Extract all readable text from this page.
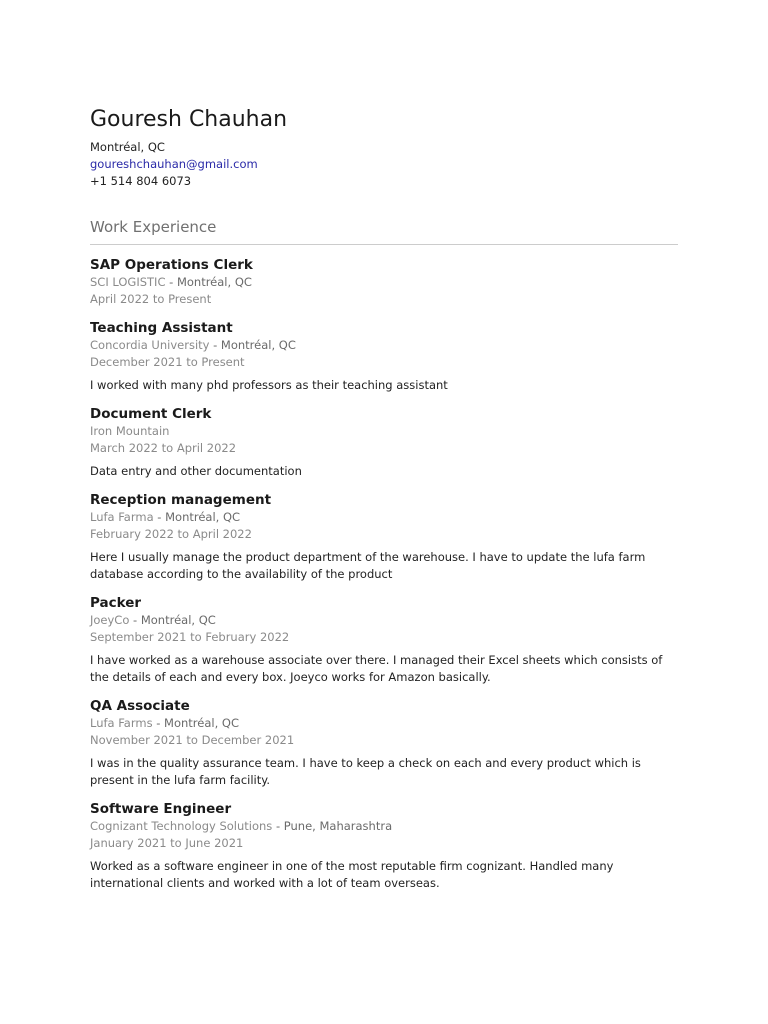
Gouresh Chauhan
Montréal, QC
goureshchauhan@gmail.com
+1 514 804 6073
Work Experience
SAP Operations Clerk
SCI LOGISTIC - Montréal, QC
April 2022 to Present
Teaching Assistant
Concordia University - Montréal, QC
December 2021 to Present
I worked with many phd professors as their teaching assistant
Document Clerk
Iron Mountain
March 2022 to April 2022
Data entry and other documentation
Reception management
Lufa Farma - Montréal, QC
February 2022 to April 2022
Here I usually manage the product department of the warehouse. I have to update the lufa farm database according to the availability of the product
Packer
JoeyCo - Montréal, QC
September 2021 to February 2022
I have worked as a warehouse associate over there. I managed their Excel sheets which consists of the details of each and every box. Joeyco works for Amazon basically.
QA Associate
Lufa Farms - Montréal, QC
November 2021 to December 2021
I was in the quality assurance team. I have to keep a check on each and every product which is present in the lufa farm facility.
Software Engineer
Cognizant Technology Solutions - Pune, Maharashtra
January 2021 to June 2021
Worked as a software engineer in one of the most reputable firm cognizant. Handled many international clients and worked with a lot of team overseas.
